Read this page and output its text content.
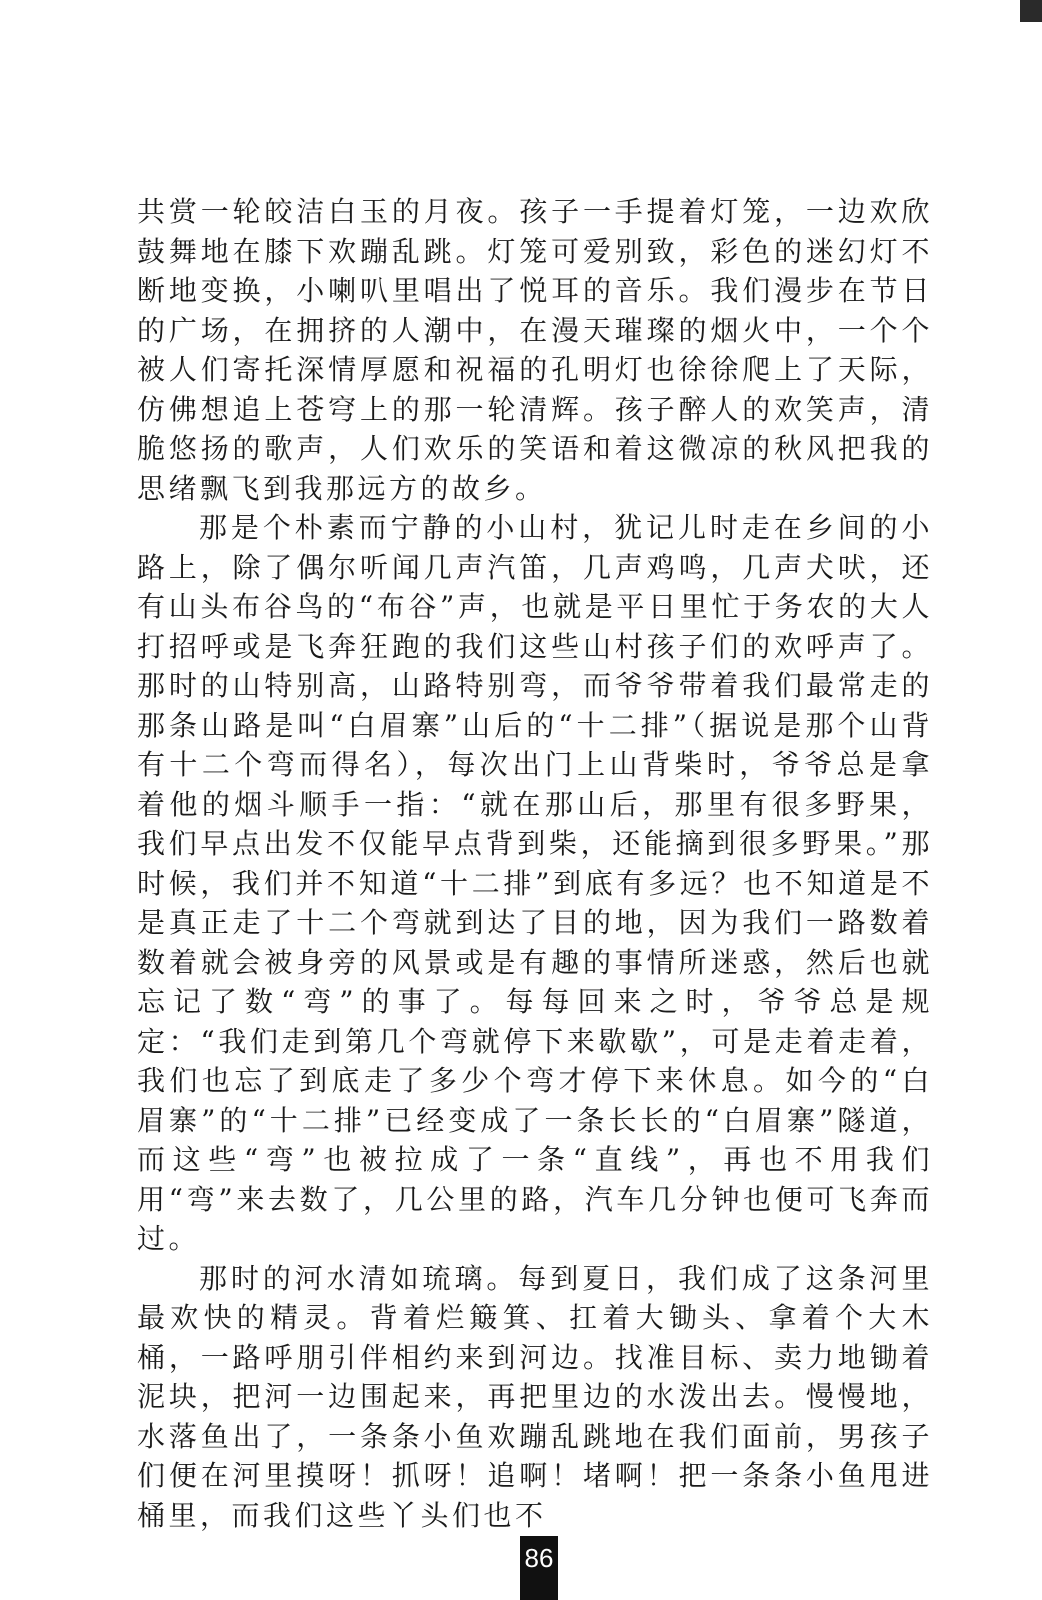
共赏一轮皎洁白玉的月夜。孩子一手提着灯笼，一边欢欣鼓舞地在膝下欢蹦乱跳。灯笼可爱别致，彩色的迷幻灯不断地变换，小喇叭里唱出了悦耳的音乐。我们漫步在节日的广场，在拥挤的人潮中，在漫天璀璨的烟火中，一个个被人们寄托深情厚愿和祝福的孔明灯也徐徐爬上了天际，仿佛想追上苍穹上的那一轮清辉。孩子醉人的欢笑声，清脆悠扬的歌声，人们欢乐的笑语和着这微凉的秋风把我的思绪飘飞到我那远方的故乡。

那是个朴素而宁静的小山村，犹记儿时走在乡间的小路上，除了偶尔听闻几声汽笛，几声鸡鸣，几声犬吠，还有山头布谷鸟的“布谷”声，也就是平日里忙于务农的大人打招呼或是飞奔狂跑的我们这些山村孩子们的欢呼声了。那时的山特别高，山路特别弯，而爷爷带着我们最常走的那条山路是叫“白眉寨”山后的“十二排”（据说是那个山背有十二个弯而得名），每次出门上山背柴时，爷爷总是拿着他的烟斗顺手一指：“就在那山后，那里有很多野果，我们早点出发不仅能早点背到柴，还能摘到很多野果。”那时候，我们并不知道“十二排”到底有多远？也不知道是不是真正走了十二个弯就到达了目的地，因为我们一路数着数着就会被身旁的风景或是有趣的事情所迷惑，然后也就忘记了数“弯”的事了。每每回来之时，爷爷总是规定：“我们走到第几个弯就停下来歇歇”，可是走着走着，我们也忘了到底走了多少个弯才停下来休息。如今的“白眉寨”的“十二排”已经变成了一条长长的“白眉寨”隧道，而这些“弯”也被拉成了一条“直线”，再也不用我们用“弯”来去数了，几公里的路，汽车几分钟也便可飞奔而过。

那时的河水清如琉璃。每到夏日，我们成了这条河里最欢快的精灵。背着烂簸箕、扛着大锄头、拿着个大木桶，一路呼朋引伴相约来到河边。找准目标、卖力地锄着泥块，把河一边围起来，再把里边的水泼出去。慢慢地，水落鱼出了，一条条小鱼欢蹦乱跳地在我们面前，男孩子们便在河里摸呀！抓呀！追啊！堵啊！把一条条小鱼甩进桶里，而我们这些丫头们也不

86
